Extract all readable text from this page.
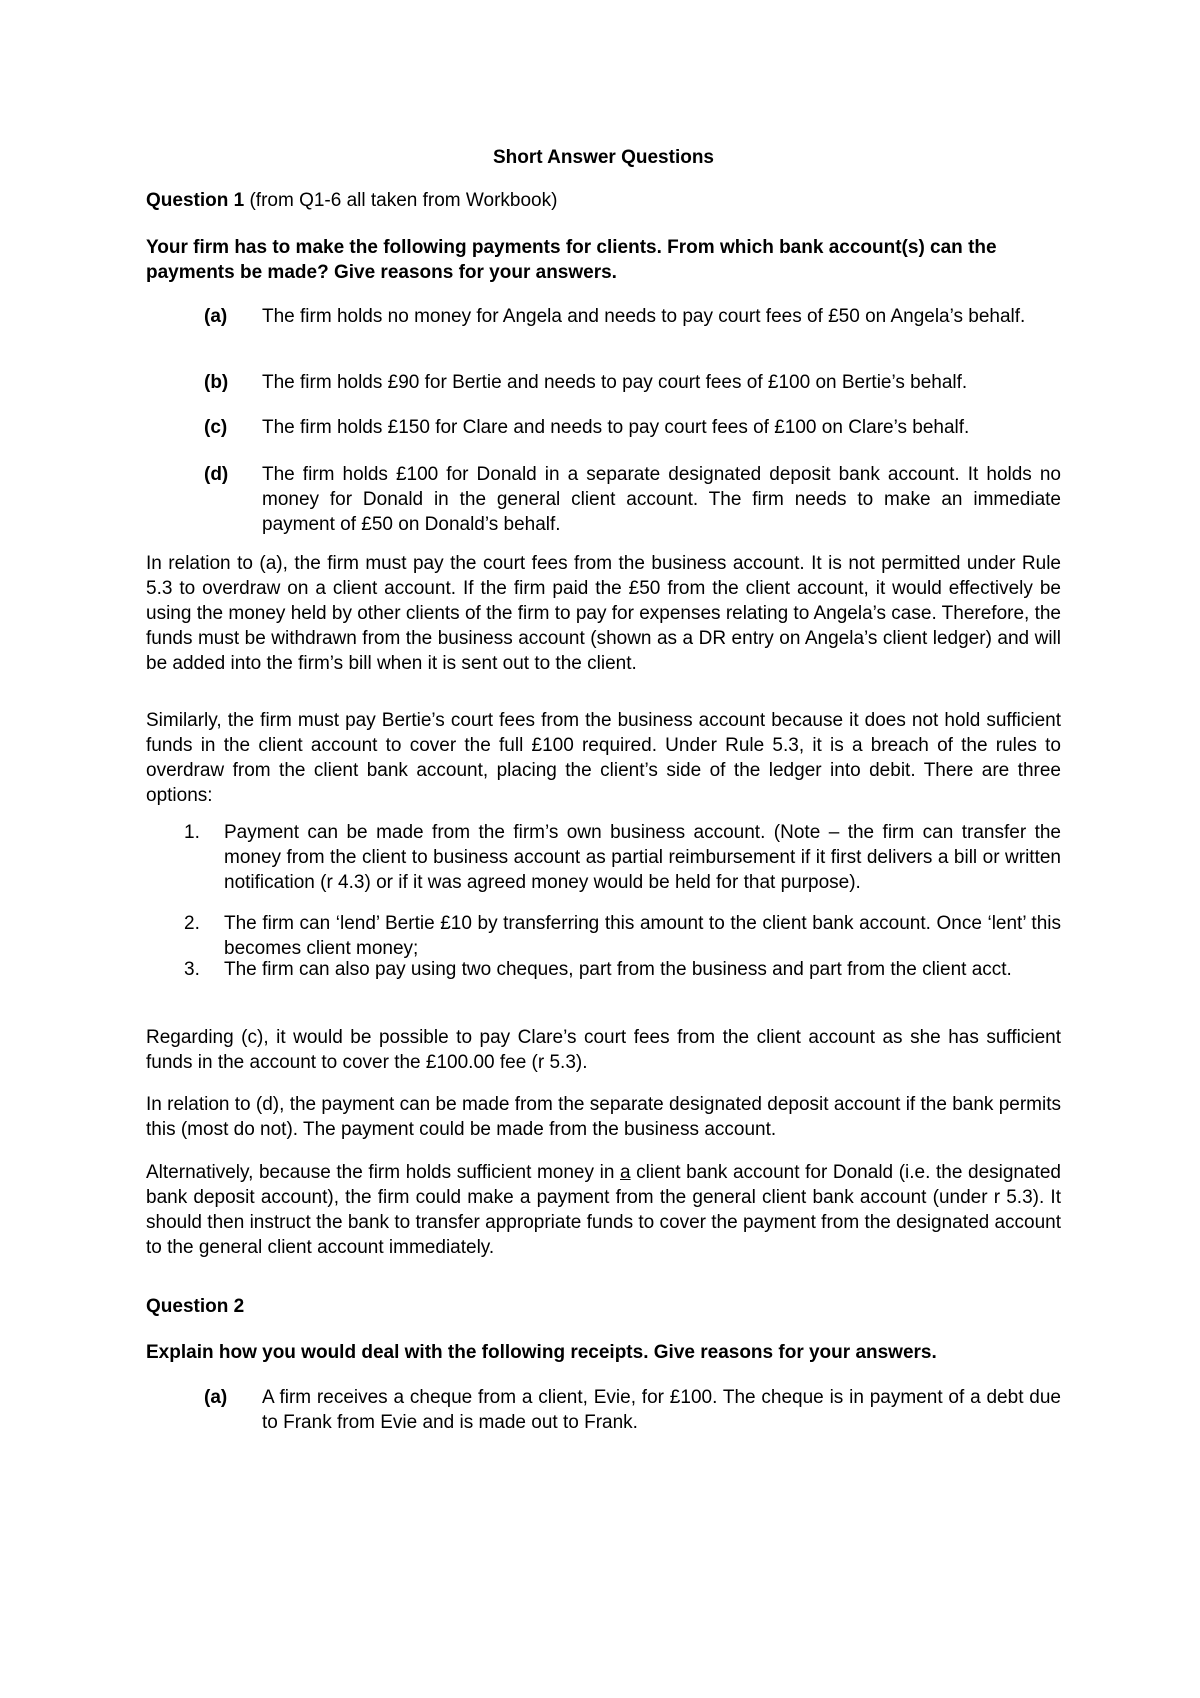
Short Answer Questions
Question 1 (from Q1-6 all taken from Workbook)
Your firm has to make the following payments for clients. From which bank account(s) can the payments be made? Give reasons for your answers.
(a) The firm holds no money for Angela and needs to pay court fees of £50 on Angela’s behalf.
(b) The firm holds £90 for Bertie and needs to pay court fees of £100 on Bertie’s behalf.
(c) The firm holds £150 for Clare and needs to pay court fees of £100 on Clare’s behalf.
(d) The firm holds £100 for Donald in a separate designated deposit bank account. It holds no money for Donald in the general client account. The firm needs to make an immediate payment of £50 on Donald’s behalf.
In relation to (a), the firm must pay the court fees from the business account. It is not permitted under Rule 5.3 to overdraw on a client account. If the firm paid the £50 from the client account, it would effectively be using the money held by other clients of the firm to pay for expenses relating to Angela’s case. Therefore, the funds must be withdrawn from the business account (shown as a DR entry on Angela’s client ledger) and will be added into the firm’s bill when it is sent out to the client.
Similarly, the firm must pay Bertie’s court fees from the business account because it does not hold sufficient funds in the client account to cover the full £100 required. Under Rule 5.3, it is a breach of the rules to overdraw from the client bank account, placing the client’s side of the ledger into debit. There are three options:
1. Payment can be made from the firm’s own business account. (Note – the firm can transfer the money from the client to business account as partial reimbursement if it first delivers a bill or written notification (r 4.3) or if it was agreed money would be held for that purpose).
2. The firm can ‘lend’ Bertie £10 by transferring this amount to the client bank account. Once ‘lent’ this becomes client money;
3. The firm can also pay using two cheques, part from the business and part from the client acct.
Regarding (c), it would be possible to pay Clare’s court fees from the client account as she has sufficient funds in the account to cover the £100.00 fee (r 5.3).
In relation to (d), the payment can be made from the separate designated deposit account if the bank permits this (most do not). The payment could be made from the business account.
Alternatively, because the firm holds sufficient money in a client bank account for Donald (i.e. the designated bank deposit account), the firm could make a payment from the general client bank account (under r 5.3). It should then instruct the bank to transfer appropriate funds to cover the payment from the designated account to the general client account immediately.
Question 2
Explain how you would deal with the following receipts. Give reasons for your answers.
(a) A firm receives a cheque from a client, Evie, for £100. The cheque is in payment of a debt due to Frank from Evie and is made out to Frank.
